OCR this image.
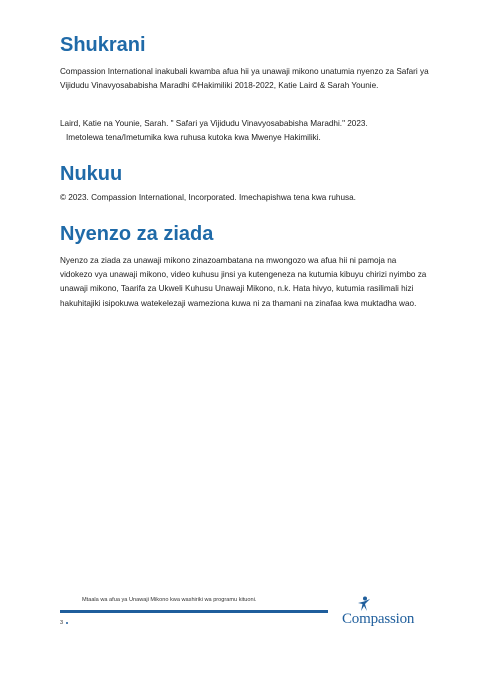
Shukrani

Compassion International inakubali kwamba afua hii ya unawaji mikono unatumia nyenzo za Safari ya Vijidudu Vinavyosababisha Maradhi ©Hakimiliki 2018-2022, Katie Laird & Sarah Younie.

Laird, Katie na Younie, Sarah. " Safari ya Vijidudu Vinavyosababisha Maradhi." 2023.
Imetolewa tena/Imetumika kwa ruhusa kutoka kwa Mwenye Hakimiliki.

Nukuu

© 2023. Compassion International, Incorporated. Imechapishwa tena kwa ruhusa.

Nyenzo za ziada

Nyenzo za ziada za unawaji mikono zinazoambatana na mwongozo wa afua hii ni pamoja na vidokezo vya unawaji mikono, video kuhusu jinsi ya kutengeneza na kutumia kibuyu chirizi nyimbo za unawaji mikono, Taarifa za Ukweli Kuhusu Unawaji Mikono, n.k. Hata hivyo, kutumia rasilimali hizi hakuhitajiki isipokuwa watekelezaji wameziona kuwa ni za thamani na zinafaa kwa muktadha wao.

Mtaala wa afua ya Unawaji Mikono kwa washiriki wa programu kituoni.
3	Compassion
